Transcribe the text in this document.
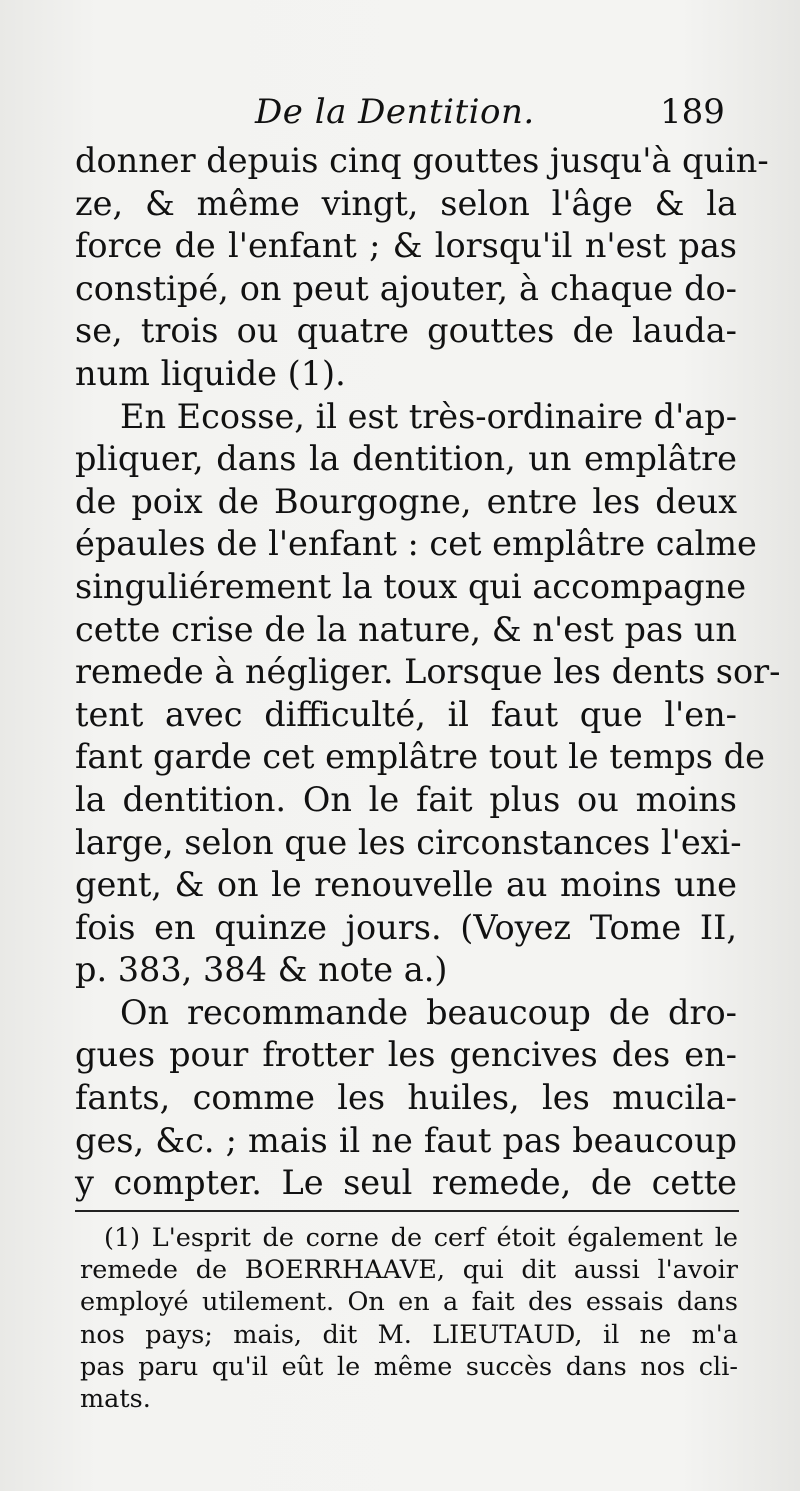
De la Dentition.	189
donner depuis cinq gouttes jusqu'à quin-
ze, & même vingt, selon l'âge & la
force de l'enfant ; & lorsqu'il n'est pas
constipé, on peut ajouter, à chaque do-
se, trois ou quatre gouttes de lauda-
num liquide (1).
En Ecosse, il est très-ordinaire d'ap-
pliquer, dans la dentition, un emplâtre
de poix de Bourgogne, entre les deux
épaules de l'enfant : cet emplâtre calme
singuliérement la toux qui accompagne
cette crise de la nature, & n'est pas un
remede à négliger. Lorsque les dents sor-
tent avec difficulté, il faut que l'en-
fant garde cet emplâtre tout le temps de
la dentition. On le fait plus ou moins
large, selon que les circonstances l'exi-
gent, & on le renouvelle au moins une
fois en quinze jours. (Voyez Tome II,
p. 383, 384 & note a.)
On recommande beaucoup de dro-
gues pour frotter les gencives des en-
fants, comme les huiles, les mucila-
ges, &c. ; mais il ne faut pas beaucoup
y compter. Le seul remede, de cette
(1) L'esprit de corne de cerf étoit également le
remede de BOERRHAAVE, qui dit aussi l'avoir
employé utilement. On en a fait des essais dans
nos pays; mais, dit M. LIEUTAUD, il ne m'a
pas paru qu'il eût le même succès dans nos cli-
mats.
